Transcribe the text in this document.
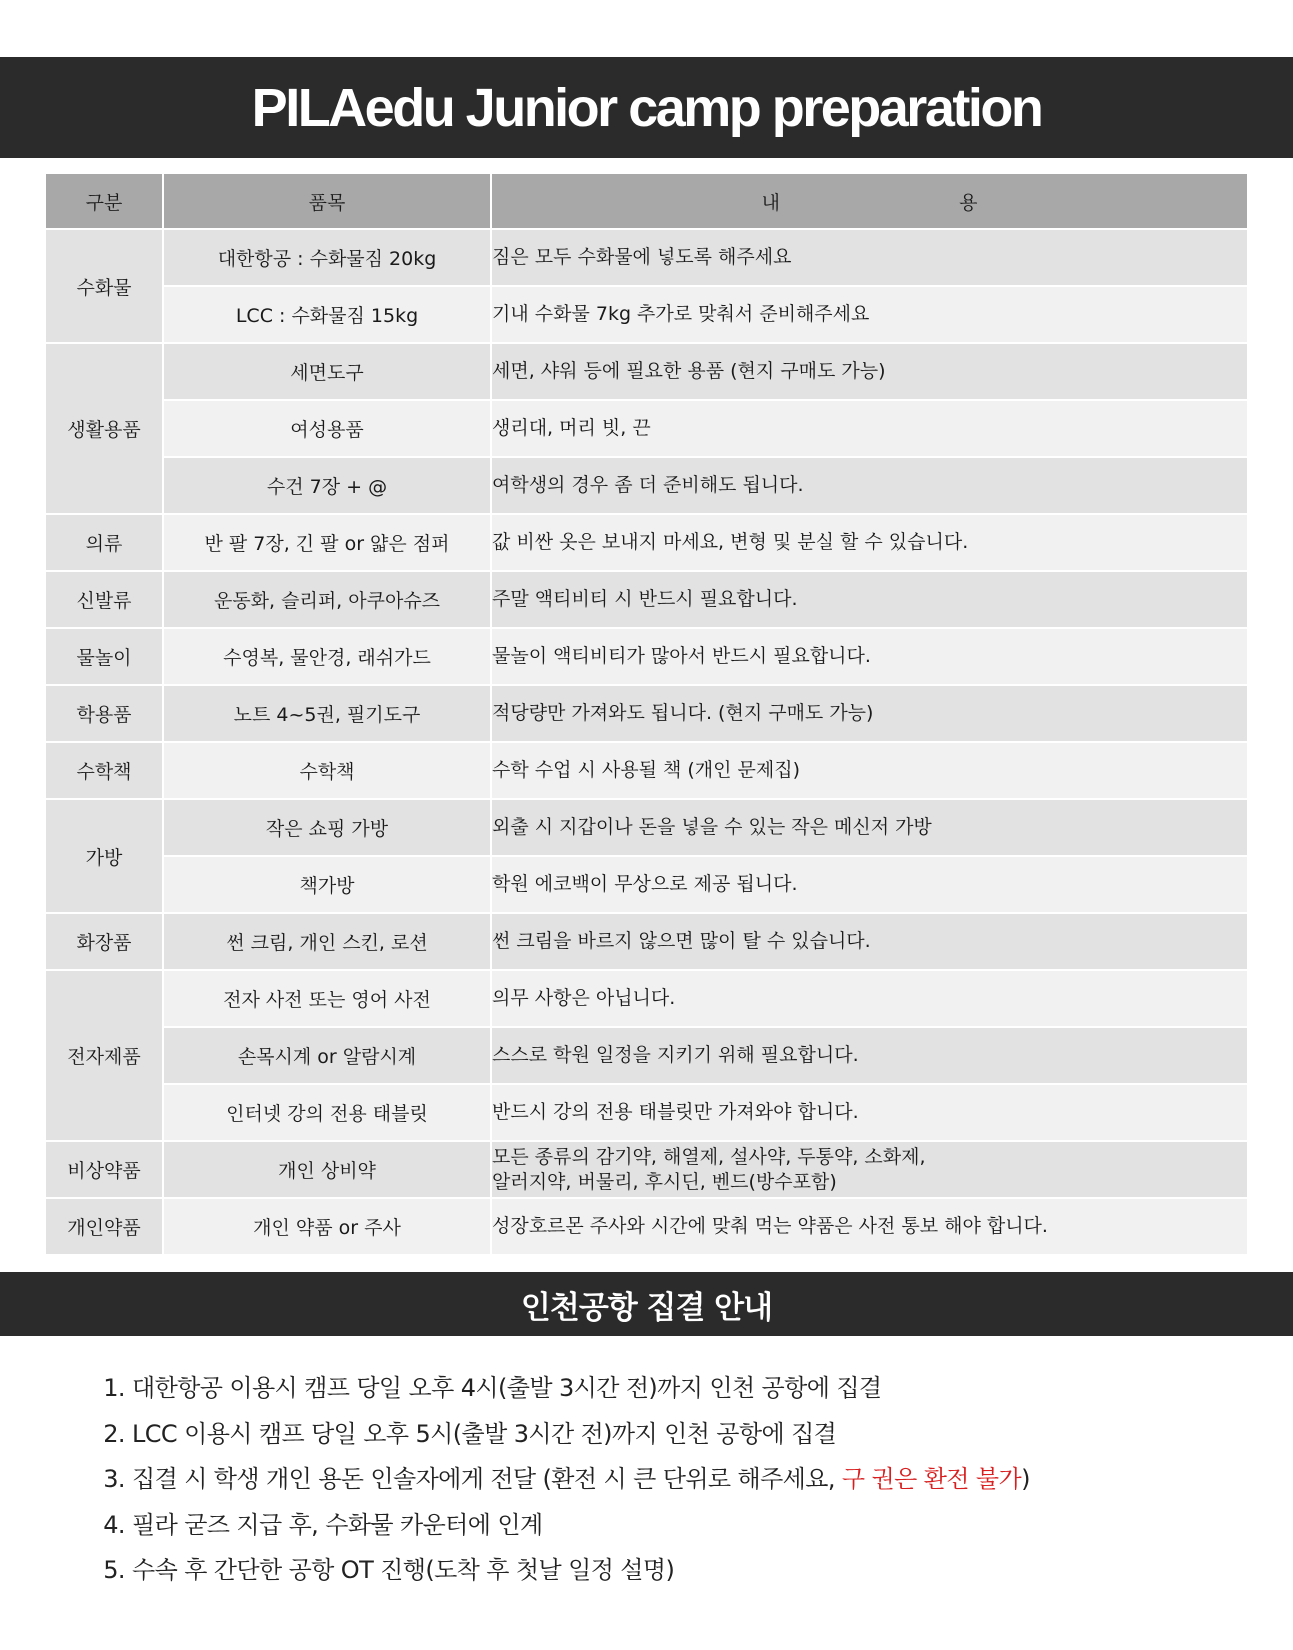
PILAedu Junior camp preparation
구분	품목	내 용

수화물	대한항공 : 수화물짐 20kg	짐은 모두 수화물에 넣도록 해주세요

	LCC : 수화물짐 15kg	기내 수화물 7kg 추가로 맞춰서 준비해주세요

생활용품	세면도구	세면, 샤워 등에 필요한 용품 (현지 구매도 가능)

	여성용품	생리대, 머리 빗, 끈

	수건 7장 + @	여학생의 경우 좀 더 준비해도 됩니다.

의류	반 팔 7장, 긴 팔 or 얇은 점퍼	값 비싼 옷은 보내지 마세요, 변형 및 분실 할 수 있습니다.

신발류	운동화, 슬리퍼, 아쿠아슈즈	주말 액티비티 시 반드시 필요합니다.

물놀이	수영복, 물안경, 래쉬가드	물놀이 액티비티가 많아서 반드시 필요합니다.

학용품	노트 4~5권, 필기도구	적당량만 가져와도 됩니다. (현지 구매도 가능)

수학책	수학책	수학 수업 시 사용될 책 (개인 문제집)

가방	작은 쇼핑 가방	외출 시 지갑이나 돈을 넣을 수 있는 작은 메신저 가방

	책가방	학원 에코백이 무상으로 제공 됩니다.

화장품	썬 크림, 개인 스킨, 로션	썬 크림을 바르지 않으면 많이 탈 수 있습니다.

전자제품	전자 사전 또는 영어 사전	의무 사항은 아닙니다.

	손목시계 or 알람시계	스스로 학원 일정을 지키기 위해 필요합니다.

	인터넷 강의 전용 태블릿	반드시 강의 전용 태블릿만 가져와야 합니다.

비상약품	개인 상비약	모든 종류의 감기약, 해열제, 설사약, 두통약, 소화제,
알러지약, 버물리, 후시딘, 벤드(방수포함)

개인약품	개인 약품 or 주사	성장호르몬 주사와 시간에 맞춰 먹는 약품은 사전 통보 해야 합니다.
인천공항 집결 안내
1. 대한항공 이용시 캠프 당일 오후 4시(출발 3시간 전)까지 인천 공항에 집결
2. LCC 이용시 캠프 당일 오후 5시(출발 3시간 전)까지 인천 공항에 집결
3. 집결 시 학생 개인 용돈 인솔자에게 전달 (환전 시 큰 단위로 해주세요, 구 권은 환전 불가)
4. 필라 굳즈 지급 후, 수화물 카운터에 인계
5. 수속 후 간단한 공항 OT 진행(도착 후 첫날 일정 설명)
